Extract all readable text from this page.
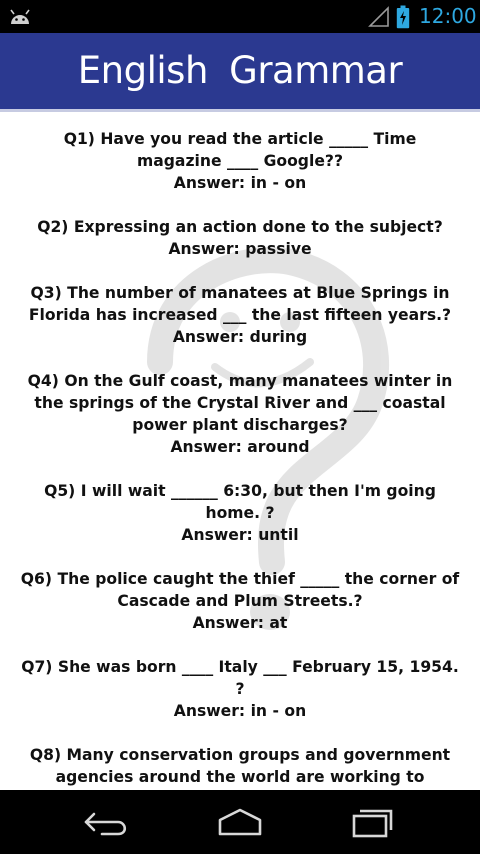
12:00
English Grammar
Q1) Have you read the article _____ Time magazine ____ Google??
Answer: in - on
Q2) Expressing an action done to the subject?
Answer: passive
Q3) The number of manatees at Blue Springs in Florida has increased ___ the last fifteen years.?
Answer: during
Q4) On the Gulf coast, many manatees winter in the springs of the Crystal River and ___ coastal power plant discharges?
Answer: around
Q5) I will wait ______ 6:30, but then I'm going home. ?
Answer: until
Q6) The police caught the thief _____ the corner of Cascade and Plum Streets.?
Answer: at
Q7) She was born ____ Italy ___ February 15, 1954. ?
Answer: in - on
Q8) Many conservation groups and government agencies around the world are working to
